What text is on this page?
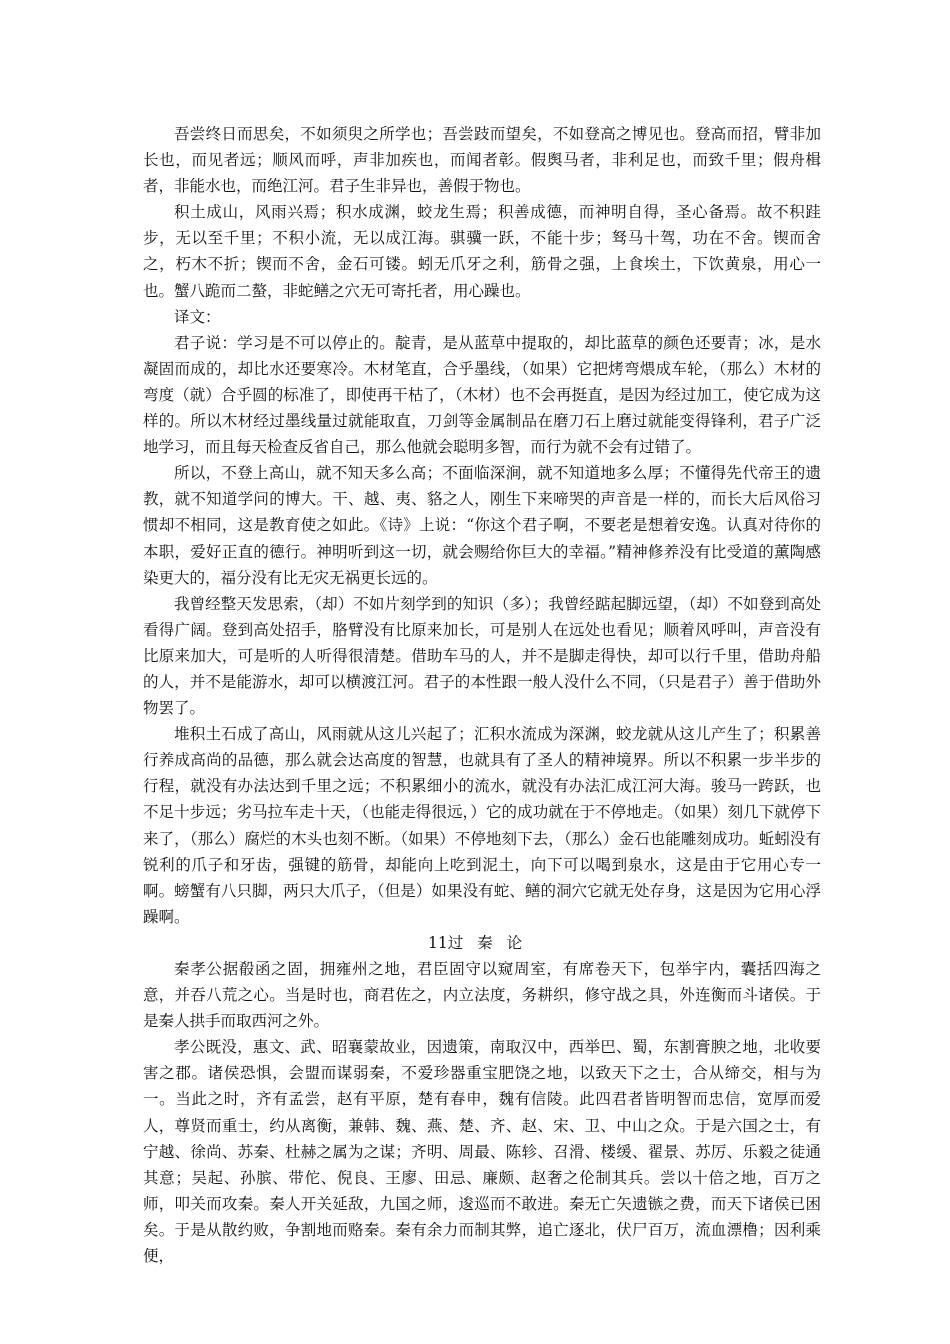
吾尝终日而思矣，不如须臾之所学也；吾尝跂而望矣，不如登高之博见也。登高而招，臂非加长也，而见者远；顺风而呼，声非加疾也，而闻者彰。假舆马者，非利足也，而致千里；假舟楫者，非能水也，而绝江河。君子生非异也，善假于物也。

积土成山，风雨兴焉；积水成渊，蛟龙生焉；积善成德，而神明自得，圣心备焉。故不积跬步，无以至千里；不积小流，无以成江海。骐骥一跃，不能十步；驽马十驾，功在不舍。锲而舍之，朽木不折；锲而不舍，金石可镂。蚓无爪牙之利，筋骨之强，上食埃土，下饮黄泉，用心一也。蟹八跪而二螯，非蛇鳝之穴无可寄托者，用心躁也。

译文：

君子说：学习是不可以停止的。靛青，是从蓝草中提取的，却比蓝草的颜色还要青；冰，是水凝固而成的，却比水还要寒冷。木材笔直，合乎墨线，（如果）它把烤弯煨成车轮，（那么）木材的弯度（就）合乎圆的标准了，即使再干枯了，（木材）也不会再挺直，是因为经过加工，使它成为这样的。所以木材经过墨线量过就能取直，刀剑等金属制品在磨刀石上磨过就能变得锋利，君子广泛地学习，而且每天检查反省自己，那么他就会聪明多智，而行为就不会有过错了。

所以，不登上高山，就不知天多么高；不面临深涧，就不知道地多么厚；不懂得先代帝王的遗教，就不知道学问的博大。干、越、夷、貉之人，刚生下来啼哭的声音是一样的，而长大后风俗习惯却不相同，这是教育使之如此。《诗》上说：“你这个君子啊，不要老是想着安逸。认真对待你的本职，爱好正直的德行。神明听到这一切，就会赐给你巨大的幸福。”精神修养没有比受道的薰陶感染更大的，福分没有比无灾无祸更长远的。

我曾经整天发思索，（却）不如片刻学到的知识（多）；我曾经踮起脚远望，（却）不如登到高处看得广阔。登到高处招手，胳臂没有比原来加长，可是别人在远处也看见；顺着风呼叫，声音没有比原来加大，可是听的人听得很清楚。借助车马的人，并不是脚走得快，却可以行千里，借助舟船的人，并不是能游水，却可以横渡江河。君子的本性跟一般人没什么不同，（只是君子）善于借助外物罢了。

堆积土石成了高山，风雨就从这儿兴起了；汇积水流成为深渊，蛟龙就从这儿产生了；积累善行养成高尚的品德，那么就会达高度的智慧，也就具有了圣人的精神境界。所以不积累一步半步的行程，就没有办法达到千里之远；不积累细小的流水，就没有办法汇成江河大海。骏马一跨跃，也不足十步远；劣马拉车走十天，（也能走得很远，）它的成功就在于不停地走。（如果）刻几下就停下来了，（那么）腐烂的木头也刻不断。（如果）不停地刻下去，（那么）金石也能雕刻成功。蚯蚓没有锐利的爪子和牙齿，强键的筋骨，却能向上吃到泥土，向下可以喝到泉水，这是由于它用心专一啊。螃蟹有八只脚，两只大爪子，（但是）如果没有蛇、鳝的洞穴它就无处存身，这是因为它用心浮躁啊。

11过秦论

秦孝公据殽函之固，拥雍州之地，君臣固守以窥周室，有席卷天下，包举宇内，囊括四海之意，并吞八荒之心。当是时也，商君佐之，内立法度，务耕织，修守战之具，外连衡而斗诸侯。于是秦人拱手而取西河之外。

孝公既没，惠文、武、昭襄蒙故业，因遗策，南取汉中，西举巴、蜀，东割膏腴之地，北收要害之郡。诸侯恐惧，会盟而谋弱秦，不爱珍器重宝肥饶之地，以致天下之士，合从缔交，相与为一。当此之时，齐有孟尝，赵有平原，楚有春申，魏有信陵。此四君者皆明智而忠信，宽厚而爱人，尊贤而重士，约从离衡，兼韩、魏、燕、楚、齐、赵、宋、卫、中山之众。于是六国之士，有宁越、徐尚、苏秦、杜赫之属为之谋；齐明、周最、陈轸、召滑、楼缓、翟景、苏厉、乐毅之徒通其意；吴起、孙膑、带佗、倪良、王廖、田忌、廉颇、赵奢之伦制其兵。尝以十倍之地，百万之师，叩关而攻秦。秦人开关延敌，九国之师，逡巡而不敢进。秦无亡矢遗镞之费，而天下诸侯已困矣。于是从散约败，争割地而赂秦。秦有余力而制其弊，追亡逐北，伏尸百万，流血漂橹；因利乘便，
